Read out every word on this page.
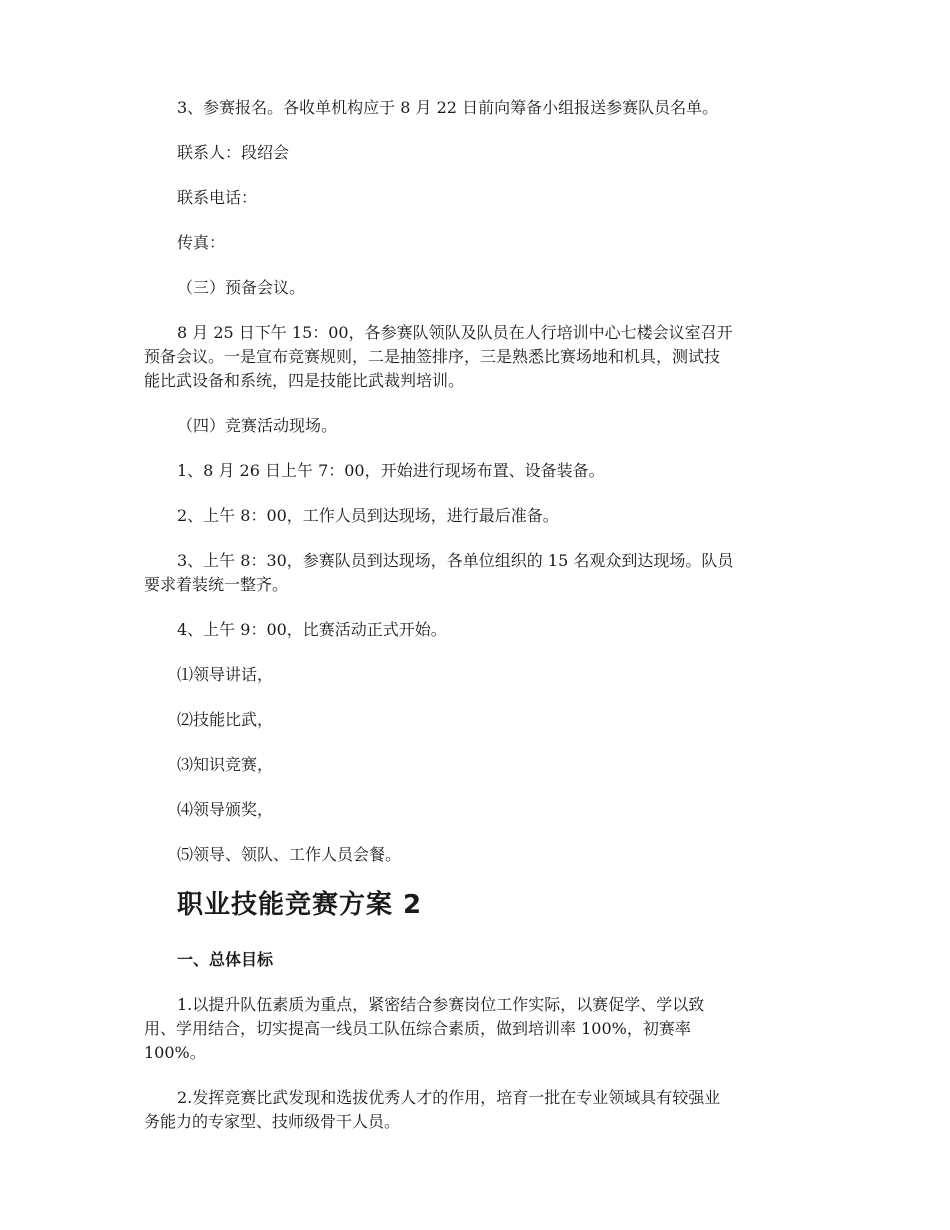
3、参赛报名。各收单机构应于 8 月 22 日前向筹备小组报送参赛队员名单。

联系人：段绍会

联系电话：

传真：

（三）预备会议。

8 月 25 日下午 15：00，各参赛队领队及队员在人行培训中心七楼会议室召开

预备会议。一是宣布竞赛规则，二是抽签排序，三是熟悉比赛场地和机具，测试技

能比武设备和系统，四是技能比武裁判培训。

（四）竞赛活动现场。

1、8 月 26 日上午 7：00，开始进行现场布置、设备装备。

2、上午 8：00，工作人员到达现场，进行最后准备。

3、上午 8：30，参赛队员到达现场，各单位组织的 15 名观众到达现场。队员

要求着装统一整齐。

4、上午 9：00，比赛活动正式开始。

⑴领导讲话，

⑵技能比武，

⑶知识竞赛，

⑷领导颁奖，

⑸领导、领队、工作人员会餐。

职业技能竞赛方案 2
一、总体目标

1.以提升队伍素质为重点，紧密结合参赛岗位工作实际，以赛促学、学以致

用、学用结合，切实提高一线员工队伍综合素质，做到培训率 100%，初赛率

100%。

2.发挥竞赛比武发现和选拔优秀人才的作用，培育一批在专业领域具有较强业

务能力的专家型、技师级骨干人员。
